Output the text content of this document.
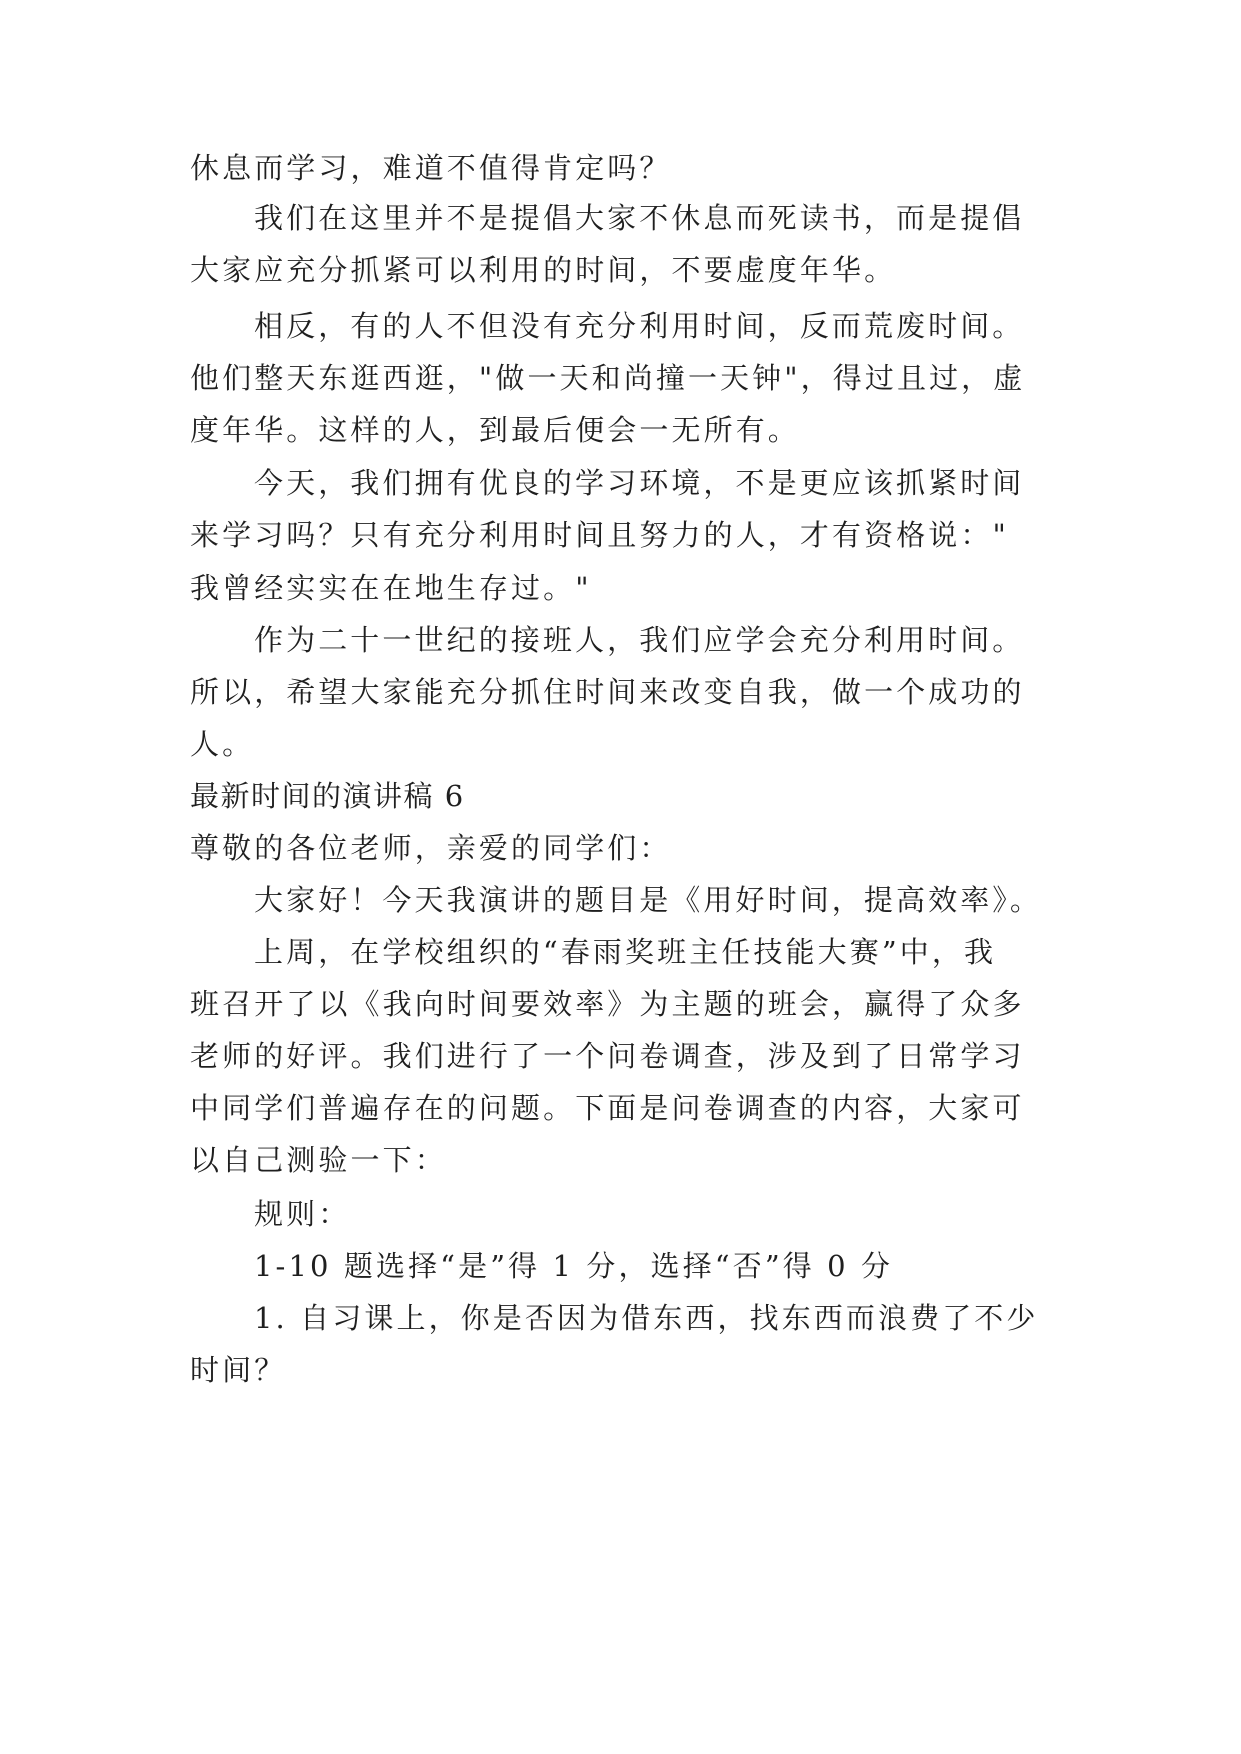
休息而学习，难道不值得肯定吗？
我们在这里并不是提倡大家不休息而死读书，而是提倡
大家应充分抓紧可以利用的时间，不要虚度年华。
相反，有的人不但没有充分利用时间，反而荒废时间。
他们整天东逛西逛，"做一天和尚撞一天钟"，得过且过，虚
度年华。这样的人，到最后便会一无所有。
今天，我们拥有优良的学习环境，不是更应该抓紧时间
来学习吗？只有充分利用时间且努力的人，才有资格说："
我曾经实实在在地生存过。"
作为二十一世纪的接班人，我们应学会充分利用时间。
所以，希望大家能充分抓住时间来改变自我，做一个成功的
人。
最新时间的演讲稿 6
尊敬的各位老师，亲爱的同学们：
大家好！今天我演讲的题目是《用好时间，提高效率》。
上周，在学校组织的“春雨奖班主任技能大赛”中，我
班召开了以《我向时间要效率》为主题的班会，赢得了众多
老师的好评。我们进行了一个问卷调查，涉及到了日常学习
中同学们普遍存在的问题。下面是问卷调查的内容，大家可
以自己测验一下：
规则：
1-10 题选择“是”得 1 分，选择“否”得 0 分
1. 自习课上，你是否因为借东西，找东西而浪费了不少
时间？
